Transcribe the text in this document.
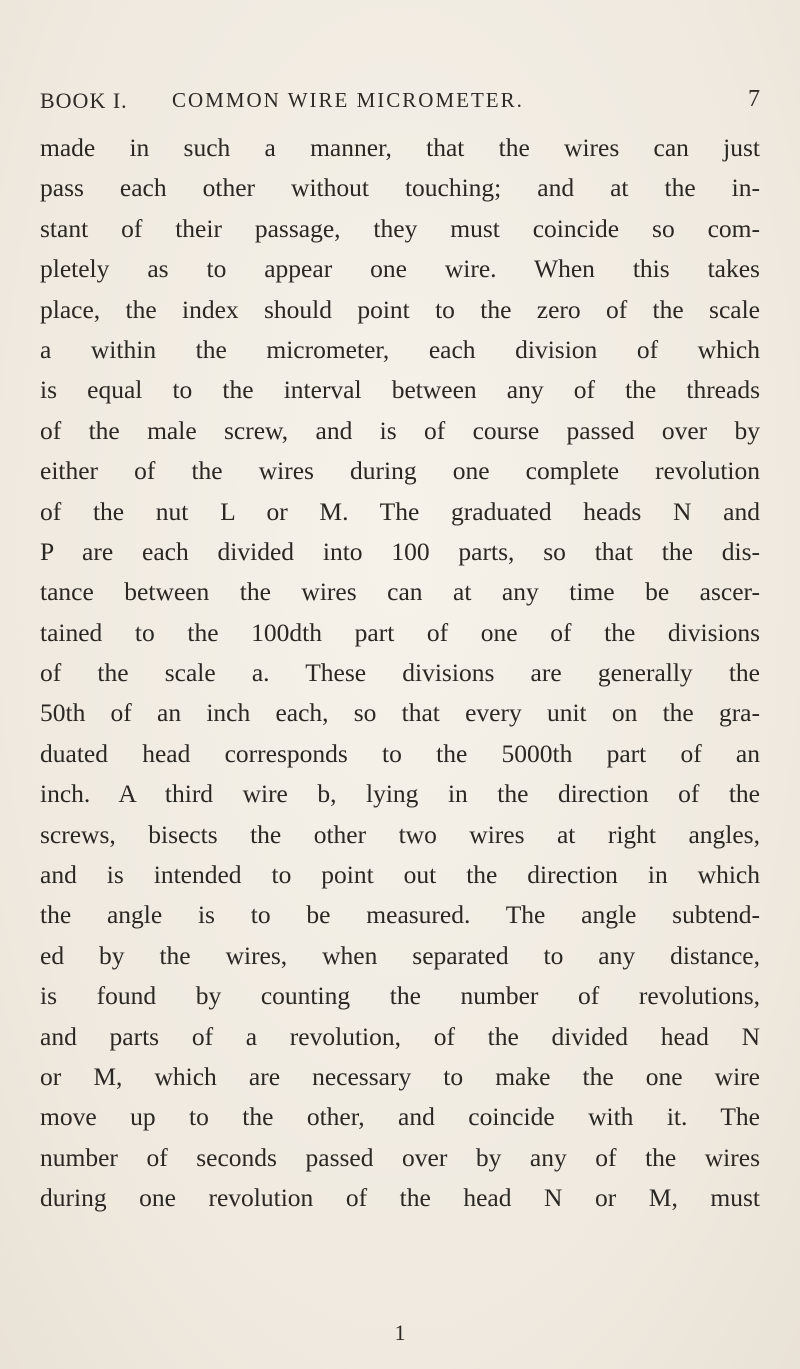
BOOK I. COMMON WIRE MICROMETER.	7
made in such a manner, that the wires can just
pass each other without touching; and at the in-
stant of their passage, they must coincide so com-
pletely as to appear one wire. When this takes
place, the index should point to the zero of the scale
a within the micrometer, each division of which
is equal to the interval between any of the threads
of the male screw, and is of course passed over by
either of the wires during one complete revolution
of the nut L or M. The graduated heads N and
P are each divided into 100 parts, so that the dis-
tance between the wires can at any time be ascer-
tained to the 100dth part of one of the divisions
of the scale a. These divisions are generally the
50th of an inch each, so that every unit on the gra-
duated head corresponds to the 5000th part of an
inch. A third wire b, lying in the direction of the
screws, bisects the other two wires at right angles,
and is intended to point out the direction in which
the angle is to be measured. The angle subtend-
ed by the wires, when separated to any distance,
is found by counting the number of revolutions,
and parts of a revolution, of the divided head N
or M, which are necessary to make the one wire
move up to the other, and coincide with it. The
number of seconds passed over by any of the wires
during one revolution of the head N or M, must
1
